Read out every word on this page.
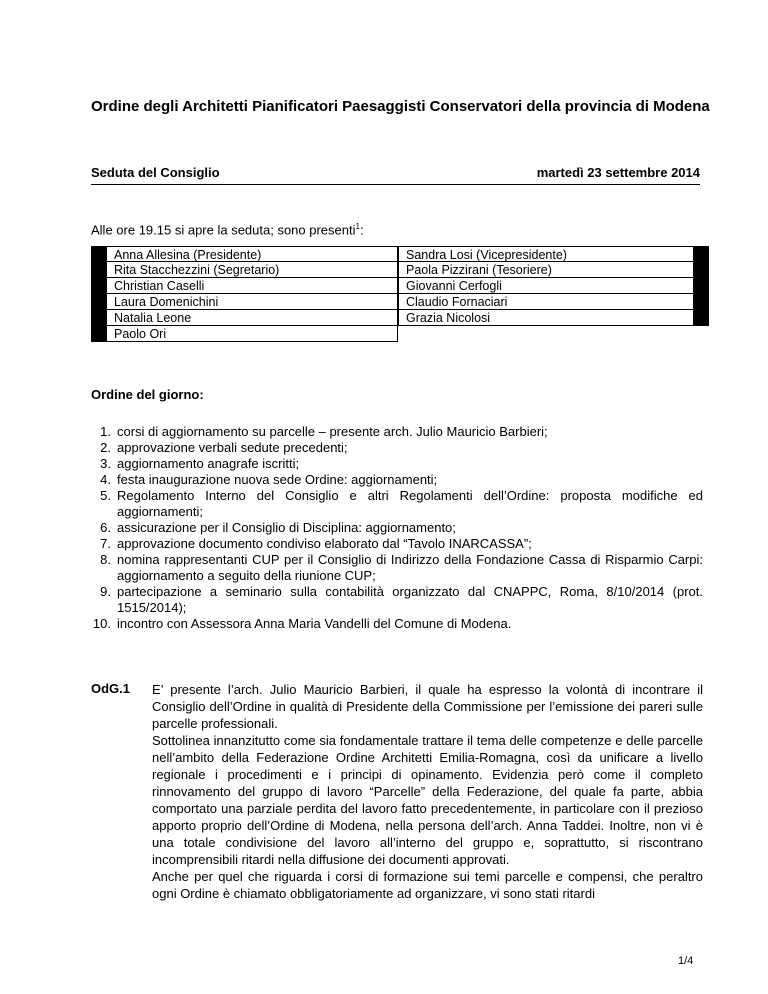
Ordine degli Architetti Pianificatori Paesaggisti Conservatori della provincia di Modena
Seduta del Consiglio	martedì 23 settembre 2014
Alle ore 19.15 si apre la seduta; sono presenti$^1$:
Anna Allesina (Presidente)
Rita Stacchezzini (Segretario)
Christian Caselli
Laura Domenichini
Natalia Leone
Paolo Ori
Sandra Losi (Vicepresidente)
Paola Pizzirani (Tesoriere)
Giovanni Cerfogli
Claudio Fornaciari
Grazia Nicolosi
Ordine del giorno:
1. corsi di aggiornamento su parcelle – presente arch. Julio Mauricio Barbieri;
2. approvazione verbali sedute precedenti;
3. aggiornamento anagrafe iscritti;
4. festa inaugurazione nuova sede Ordine: aggiornamenti;
5. Regolamento Interno del Consiglio e altri Regolamenti dell’Ordine: proposta modifiche ed aggiornamenti;
6. assicurazione per il Consiglio di Disciplina: aggiornamento;
7. approvazione documento condiviso elaborato dal “Tavolo INARCASSA”;
8. nomina rappresentanti CUP per il Consiglio di Indirizzo della Fondazione Cassa di Risparmio Carpi: aggiornamento a seguito della riunione CUP;
9. partecipazione a seminario sulla contabilità organizzato dal CNAPPC, Roma, 8/10/2014 (prot. 1515/2014);
10. incontro con Assessora Anna Maria Vandelli del Comune di Modena.
OdG.1 E’ presente l’arch. Julio Mauricio Barbieri, il quale ha espresso la volontà di incontrare il Consiglio dell’Ordine in qualità di Presidente della Commissione per l’emissione dei pareri sulle parcelle professionali.

Sottolinea innanzitutto come sia fondamentale trattare il tema delle competenze e delle parcelle nell’ambito della Federazione Ordine Architetti Emilia-Romagna, così da unificare a livello regionale i procedimenti e i principi di opinamento. Evidenzia però come il completo rinnovamento del gruppo di lavoro “Parcelle” della Federazione, del quale fa parte, abbia comportato una parziale perdita del lavoro fatto precedentemente, in particolare con il prezioso apporto proprio dell’Ordine di Modena, nella persona dell’arch. Anna Taddei. Inoltre, non vi è una totale condivisione del lavoro all’interno del gruppo e, soprattutto, si riscontrano incomprensibili ritardi nella diffusione dei documenti approvati.

Anche per quel che riguarda i corsi di formazione sui temi parcelle e compensi, che peraltro ogni Ordine è chiamato obbligatoriamente ad organizzare, vi sono stati ritardi

1/4
